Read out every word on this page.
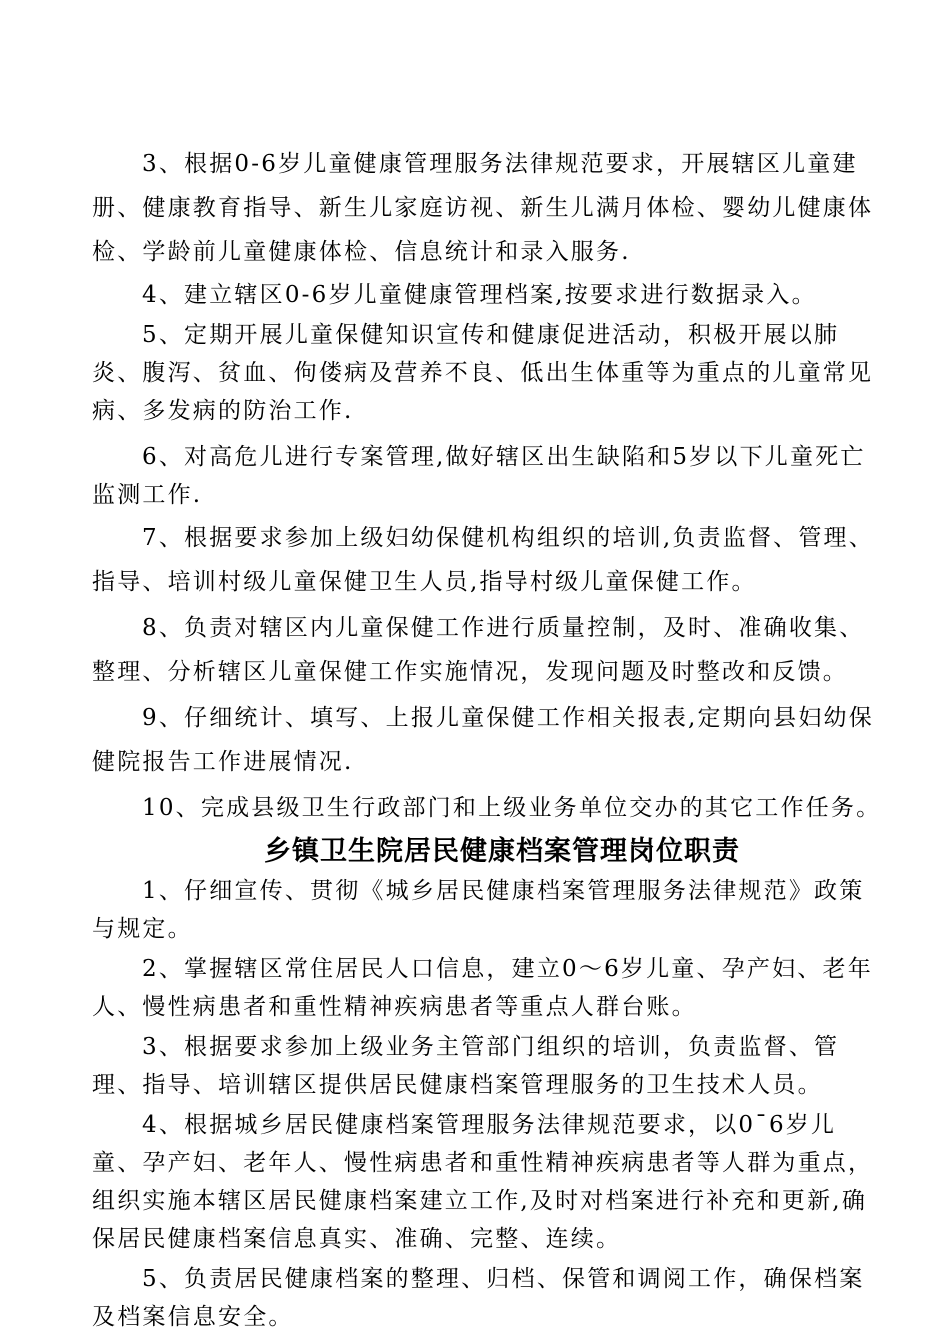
3、根据0-6岁儿童健康管理服务法律规范要求，开展辖区儿童建册、健康教育指导、新生儿家庭访视、新生儿满月体检、婴幼儿健康体检、学龄前儿童健康体检、信息统计和录入服务.

4、建立辖区0-6岁儿童健康管理档案,按要求进行数据录入。

5、定期开展儿童保健知识宣传和健康促进活动，积极开展以肺炎、腹泻、贫血、佝偻病及营养不良、低出生体重等为重点的儿童常见病、多发病的防治工作.

6、对高危儿进行专案管理,做好辖区出生缺陷和5岁以下儿童死亡监测工作.

7、根据要求参加上级妇幼保健机构组织的培训,负责监督、管理、指导、培训村级儿童保健卫生人员,指导村级儿童保健工作。

8、负责对辖区内儿童保健工作进行质量控制，及时、准确收集、整理、分析辖区儿童保健工作实施情况，发现问题及时整改和反馈。

9、仔细统计、填写、上报儿童保健工作相关报表,定期向县妇幼保健院报告工作进展情况.

10、完成县级卫生行政部门和上级业务单位交办的其它工作任务。

乡镇卫生院居民健康档案管理岗位职责

1、仔细宣传、贯彻《城乡居民健康档案管理服务法律规范》政策与规定。

2、掌握辖区常住居民人口信息，建立0～6岁儿童、孕产妇、老年人、慢性病患者和重性精神疾病患者等重点人群台账。

3、根据要求参加上级业务主管部门组织的培训，负责监督、管理、指导、培训辖区提供居民健康档案管理服务的卫生技术人员。

4、根据城乡居民健康档案管理服务法律规范要求，以0¯6岁儿童、孕产妇、老年人、慢性病患者和重性精神疾病患者等人群为重点，组织实施本辖区居民健康档案建立工作,及时对档案进行补充和更新,确保居民健康档案信息真实、准确、完整、连续。

5、负责居民健康档案的整理、归档、保管和调阅工作，确保档案及档案信息安全。
